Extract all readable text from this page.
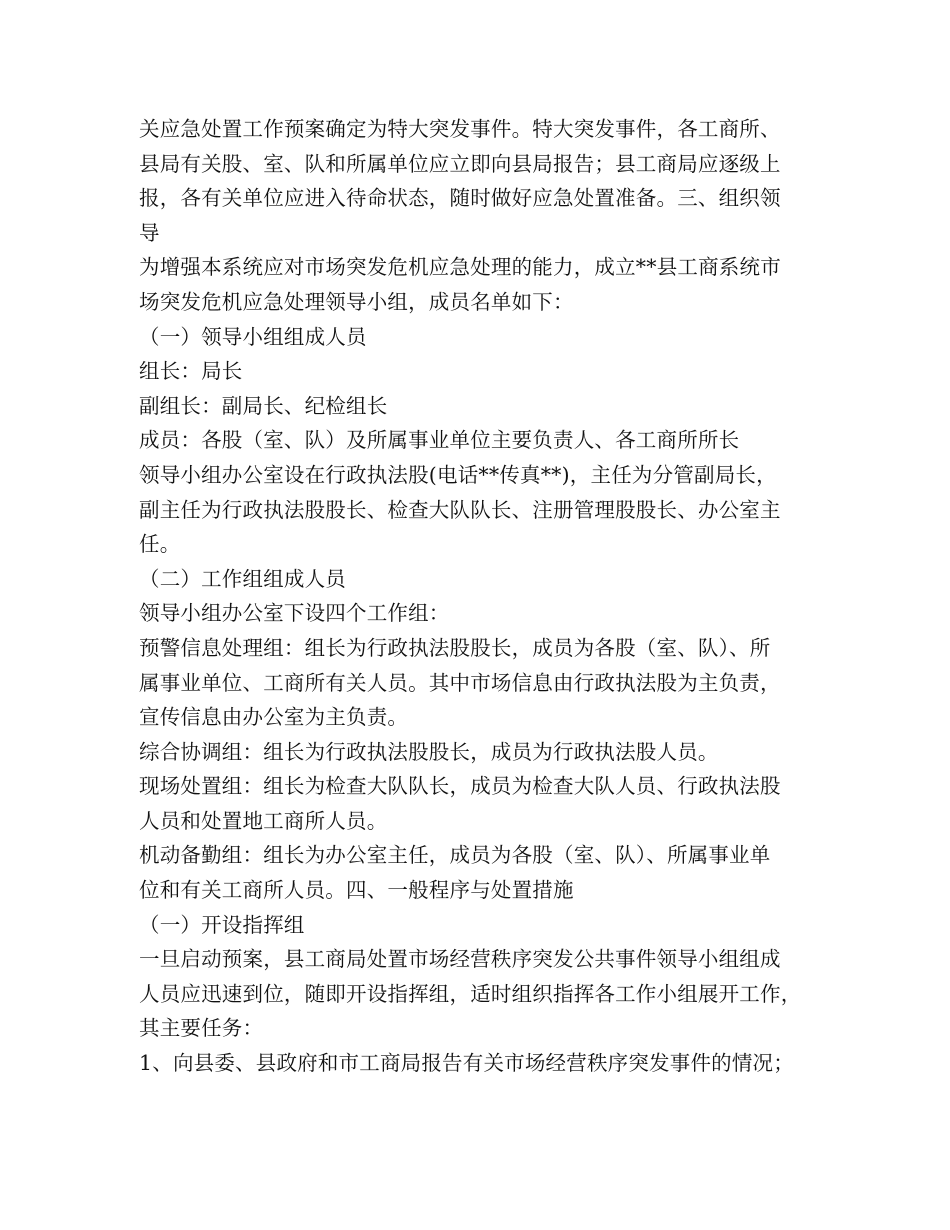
关应急处置工作预案确定为特大突发事件。特大突发事件，各工商所、
县局有关股、室、队和所属单位应立即向县局报告；县工商局应逐级上
报，各有关单位应进入待命状态，随时做好应急处置准备。三、组织领
导
为增强本系统应对市场突发危机应急处理的能力，成立**县工商系统市
场突发危机应急处理领导小组，成员名单如下：
（一）领导小组组成人员
组长：局长
副组长：副局长、纪检组长
成员：各股（室、队）及所属事业单位主要负责人、各工商所所长
领导小组办公室设在行政执法股(电话**传真**)，主任为分管副局长，
副主任为行政执法股股长、检查大队队长、注册管理股股长、办公室主
任。
（二）工作组组成人员
领导小组办公室下设四个工作组：
预警信息处理组：组长为行政执法股股长，成员为各股（室、队）、所
属事业单位、工商所有关人员。其中市场信息由行政执法股为主负责，
宣传信息由办公室为主负责。
综合协调组：组长为行政执法股股长，成员为行政执法股人员。
现场处置组：组长为检查大队队长，成员为检查大队人员、行政执法股
人员和处置地工商所人员。
机动备勤组：组长为办公室主任，成员为各股（室、队）、所属事业单
位和有关工商所人员。四、一般程序与处置措施
（一）开设指挥组
一旦启动预案，县工商局处置市场经营秩序突发公共事件领导小组组成
人员应迅速到位，随即开设指挥组，适时组织指挥各工作小组展开工作，
其主要任务：
1、向县委、县政府和市工商局报告有关市场经营秩序突发事件的情况；
